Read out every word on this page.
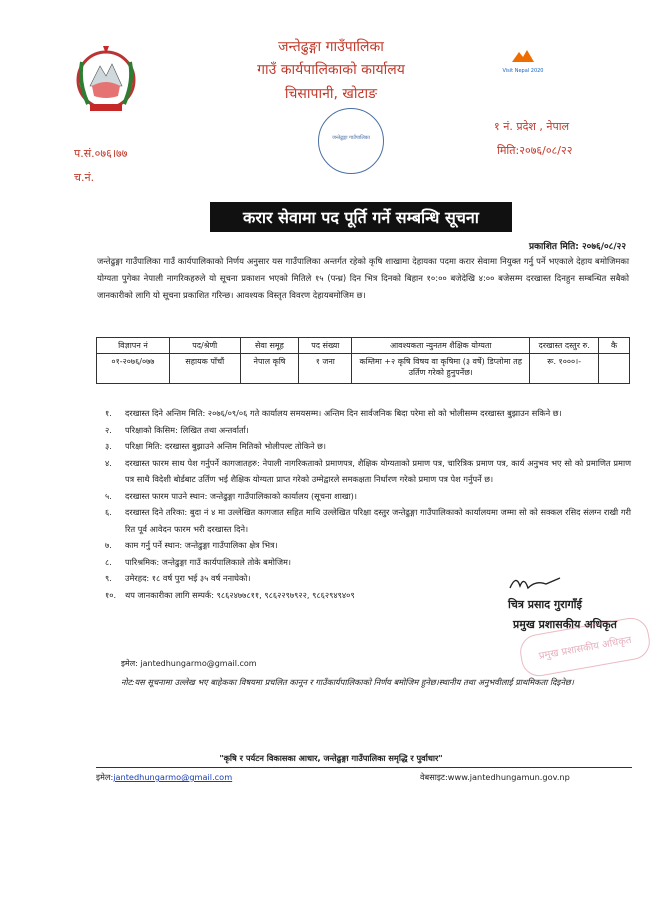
जन्तेढुङ्गा गाउँपालिका
गाउँ कार्यपालिकाको कार्यालय
चिसापानी, खोटाङ
Visit Nepal 2020
१ नं. प्रदेश , नेपाल
मिति:२०७६/०८/२२
प.सं.०७६।७७
च.नं.
जन्तेढुङ्गा गाउँपालिका
करार सेवामा पद पूर्ति गर्ने सम्बन्धि सूचना
प्रकाशित मिति: २०७६/०८/२२
जन्तेढुङ्गा गाउँपालिका गाउँ कार्यपालिकाको निर्णय अनुसार यस गाउँपालिका अन्तर्गत रहेको कृषि शाखामा देहायका पदमा करार सेवामा नियुक्त गर्नु पर्ने भएकाले देहाय बमोजिमका योग्यता पुगेका नेपाली नागरिकहरुले यो सूचना प्रकाशन भएको मितिले १५ (पन्ध्र) दिन भित्र दिनको बिहान १०:०० बजेदेखि ४:०० बजेसम्म दरखास्त दिनहुन सम्बन्धित सबैको जानकारीको लागि यो सूचना प्रकाशित गरिन्छ। आवश्यक विस्तृत विवरण देहायबमोजिम छ।
विज्ञापन नं	पद/श्रेणी	सेवा समूह	पद संख्या	आवश्यकता न्युनतम शैक्षिक योग्यता	दरखास्त दस्तुर रु.	कै
०१-२०७६/०७७	सहायक पाँचौं	नेपाल कृषि	१ जना	कम्तिमा +२ कृषि विषय वा कृषिमा (३ वर्षे) डिप्लोमा तह उर्तिण गरेको हुनुपर्नेछ।	रू. १०००।-	
१.	दरखास्त दिने अन्तिम मिति: २०७६/०९/०६ गते कार्यालय समयसम्म। अन्तिम दिन सार्वजनिक बिदा परेमा सो को भोलीसम्म दरखास्त बुझाउन सकिने छ।
२.	परिक्षाको किसिम: लिखित तथा अन्तर्वार्ता।
३.	परिक्षा मिति: दरखास्त बुझाउने अन्तिम मितिको भोलीपल्ट तोकिने छ।
४.	दरखास्त फारम साथ पेश गर्नुपर्ने कागजातहरु: नेपाली नागरिकताको प्रमाणपत्र, शैक्षिक योग्यताको प्रमाण पत्र, चारित्रिक प्रमाण पत्र, कार्य अनुभव भए सो को प्रमाणित प्रमाण पत्र साथै विदेशी बोर्डबाट उर्तिण भई शैक्षिक योग्यता प्राप्त गरेको उम्मेद्वारले समकक्षता निर्धारण गरेको प्रमाण पत्र पेश गर्नुपर्ने छ।
५.	दरखास्त फारम पाउने स्थान: जन्तेढुङ्गा गाउँपालिकाको कार्यालय (सूचना शाखा)।
६.	दरखास्त दिने तरिका: बुदा नं ४ मा उल्लेखित कागजात सहित माथि उल्लेखित परिक्षा दस्तुर जन्तेढुङ्गा गाउँपालिकाको कार्यालयमा जम्मा सो को सक्कल रसिद संलग्न राखी गरी रित पूर्व आवेदन फारम भरी दरखास्त दिने।
७.	काम गर्नु पर्ने स्थान: जन्तेढुङ्गा गाउँपालिका क्षेत्र भित्र।
८.	पारिश्रमिक: जन्तेढुङ्गा गाउँ कार्यपालिकाले तोके बमोजिम।
९.	उमेरहद: १८ वर्ष पुरा भई ३५ वर्ष ननाघेको।
१०.	थप जानकारीका लागि सम्पर्क: ९८६२४७७८११, ९८६२२९७९२२, ९८६२९४९४०९
इमेल: jantedhungarmo@gmail.com
नोट:यस सूचनामा उल्लेख भए बाहेकका विषयमा प्रचलित कानून र गाउँकार्यपालिकाको निर्णय बमोजिम हुनेछ।स्थानीय तथा अनुभवीलाई प्राथमिकता दिइनेछ।
चित्र प्रसाद गुरागाँई
प्रमुख प्रशासकीय अधिकृत
प्रमुख प्रशासकीय अधिकृत
"कृषि र पर्यटन विकासका आधार, जन्तेढुङ्गा गाउँपालिका समृद्धि र पुर्वाधार"
इमेल:jantedhungarmo@gmail.com	वेबसाइट:www.jantedhungamun.gov.np
